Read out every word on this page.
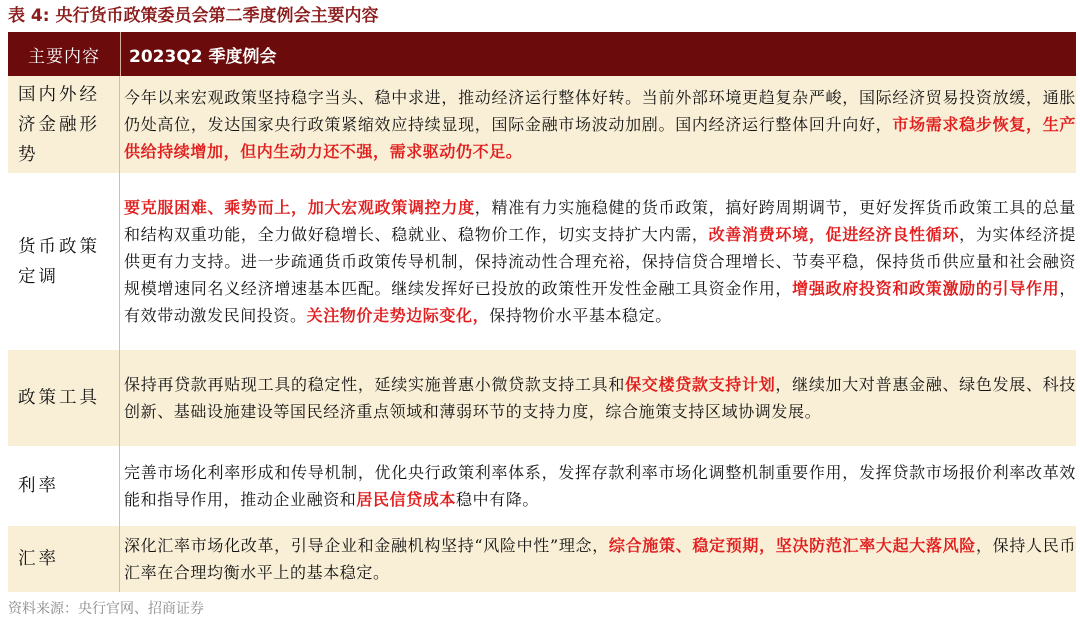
表 4: 央行货币政策委员会第二季度例会主要内容
主要内容	2023Q2 季度例会
国内外经济金融形势
今年以来宏观政策坚持稳字当头、稳中求进，推动经济运行整体好转。当前外部环境更趋复杂严峻，国际经济贸易投资放缓，通胀仍处高位，发达国家央行政策紧缩效应持续显现，国际金融市场波动加剧。国内经济运行整体回升向好，市场需求稳步恢复，生产供给持续增加，但内生动力还不强，需求驱动仍不足。
货币政策定调
要克服困难、乘势而上，加大宏观政策调控力度，精准有力实施稳健的货币政策，搞好跨周期调节，更好发挥货币政策工具的总量和结构双重功能，全力做好稳增长、稳就业、稳物价工作，切实支持扩大内需，改善消费环境，促进经济良性循环，为实体经济提供更有力支持。进一步疏通货币政策传导机制，保持流动性合理充裕，保持信贷合理增长、节奏平稳，保持货币供应量和社会融资规模增速同名义经济增速基本匹配。继续发挥好已投放的政策性开发性金融工具资金作用，增强政府投资和政策激励的引导作用，有效带动激发民间投资。关注物价走势边际变化，保持物价水平基本稳定。
政策工具
保持再贷款再贴现工具的稳定性，延续实施普惠小微贷款支持工具和保交楼贷款支持计划，继续加大对普惠金融、绿色发展、科技创新、基础设施建设等国民经济重点领域和薄弱环节的支持力度，综合施策支持区域协调发展。
利率
完善市场化利率形成和传导机制，优化央行政策利率体系，发挥存款利率市场化调整机制重要作用，发挥贷款市场报价利率改革效能和指导作用，推动企业融资和居民信贷成本稳中有降。
汇率
深化汇率市场化改革，引导企业和金融机构坚持“风险中性”理念，综合施策、稳定预期，坚决防范汇率大起大落风险，保持人民币汇率在合理均衡水平上的基本稳定。
资料来源：央行官网、招商证券
